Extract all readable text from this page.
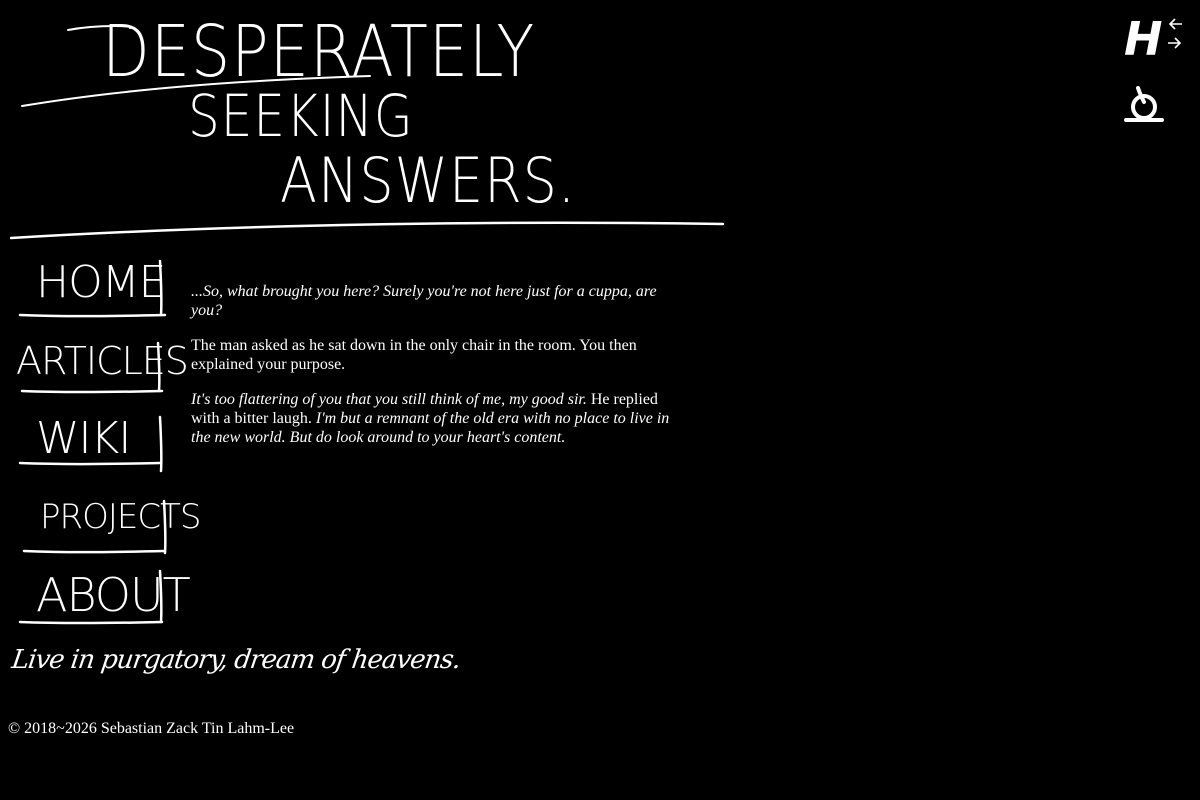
DESPERATELY
SEEKING
ANSWERS.
HOME
ARTICLES
WIKI
PROJECTS
ABOUT

...So, what brought you here? Surely you're not here just for a cuppa, are you?

The man asked as he sat down in the only chair in the room. You then explained your purpose.

It's too flattering of you that you still think of me, my good sir. He replied with a bitter laugh. I'm but a remnant of the old era with no place to live in the new world. But do look around to your heart's content.

Live in purgatory, dream of heavens.
© 2018~2026 Sebastian Zack Tin Lahm-Lee
H
